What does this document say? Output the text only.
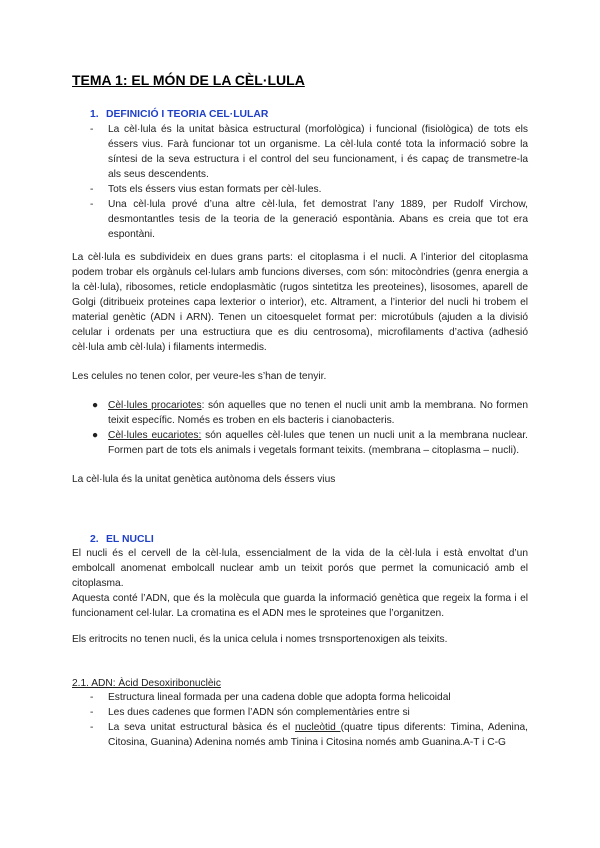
TEMA 1: EL MÓN DE LA CÈL·LULA
1. DEFINICIÓ I TEORIA CEL·LULAR
- La cèl·lula és la unitat bàsica estructural (morfològica) i funcional (fisiològica) de tots els éssers vius. Farà funcionar tot un organisme. La cèl·lula conté tota la informació sobre la síntesi de la seva estructura i el control del seu funcionament, i és capaç de transmetre-la als seus descendents.
- Tots els éssers vius estan formats per cèl·lules.
- Una cèl·lula prové d’una altre cèl·lula, fet demostrat l’any 1889, per Rudolf Virchow, desmontantles tesis de la teoria de la generació espontània. Abans es creia que tot era espontàni.

La cèl·lula es subdivideix en dues grans parts: el citoplasma i el nucli. A l’interior del citoplasma podem trobar els orgànuls cel·lulars amb funcions diverses, com són: mitocòndries (genra energia a la cèl·lula), ribosomes, reticle endoplasmàtic (rugos sintetitza les preoteines), lisosomes, aparell de Golgi (ditribueix proteines capa lexterior o interior), etc. Altrament, a l’interior del nucli hi trobem el material genètic (ADN i ARN). Tenen un citoesquelet format per: microtúbuls (ajuden a la divisió celular i ordenats per una estructiura que es diu centrosoma), microfilaments d’activa (adhesió cèl·lula amb cèl·lula) i filaments intermedis.

Les celules no tenen color, per veure-les s’han de tenyir.

● Cèl·lules procariotes: són aquelles que no tenen el nucli unit amb la membrana. No formen teixit específic. Només es troben en els bacteris i cianobacteris.
● Cèl·lules eucariotes: són aquelles cèl·lules que tenen un nucli unit a la membrana nuclear. Formen part de tots els animals i vegetals formant teixits. (membrana – citoplasma – nucli).

La cèl·lula és la unitat genètica autònoma dels éssers vius

2. EL NUCLI

El nucli és el cervell de la cèl·lula, essencialment de la vida de la cèl·lula i està envoltat d’un embolcall anomenat embolcall nuclear amb un teixit porós que permet la comunicació amb el citoplasma.

Aquesta conté l’ADN, que és la molècula que guarda la informació genètica que regeix la forma i el funcionament cel·lular. La cromatina es el ADN mes le sproteines que l’organitzen.

Els eritrocits no tenen nucli, és la unica celula i nomes trsnsportenoxigen als teixits.

2.1. ADN: Àcid Desoxiribonuclèic
- Estructura lineal formada per una cadena doble que adopta forma helicoidal
- Les dues cadenes que formen l’ADN són complementàries entre si
- La seva unitat estructural bàsica és el nucleòtid (quatre tipus diferents: Timina, Adenina, Citosina, Guanina) Adenina només amb Tinina i Citosina només amb Guanina.A-T i C-G
